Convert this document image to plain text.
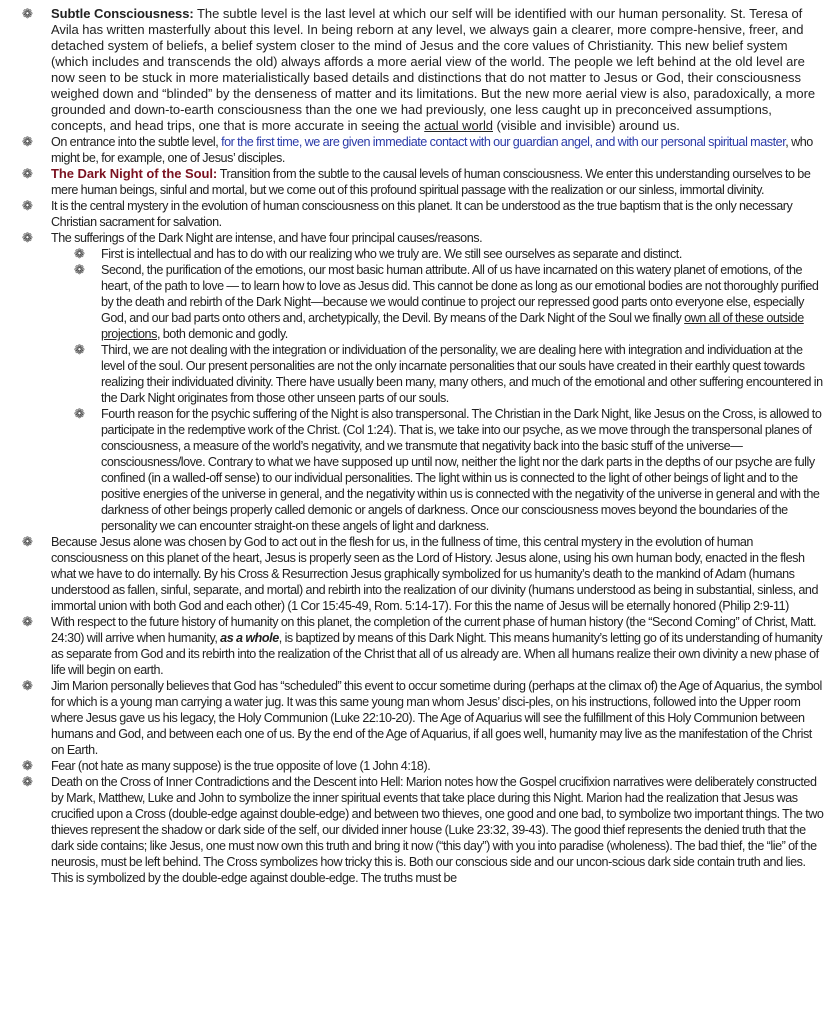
❁ Subtle Consciousness: The subtle level is the last level at which our self will be identified with our human personality. St. Teresa of Avila has written masterfully about this level. In being reborn at any level, we always gain a clearer, more compre-hensive, freer, and detached system of beliefs, a belief system closer to the mind of Jesus and the core values of Christianity. This new belief system (which includes and transcends the old) always affords a more aerial view of the world. The people we left behind at the old level are now seen to be stuck in more materialistically based details and distinctions that do not matter to Jesus or God, their consciousness weighed down and “blinded” by the denseness of matter and its limitations. But the new more aerial view is also, paradoxically, a more grounded and down-to-earth consciousness than the one we had previously, one less caught up in preconceived assumptions, concepts, and head trips, one that is more accurate in seeing the actual world (visible and invisible) around us.
❁ On entrance into the subtle level, for the first time, we are given immediate contact with our guardian angel, and with our personal spiritual master, who might be, for example, one of Jesus’ disciples.
❁ The Dark Night of the Soul: Transition from the subtle to the causal levels of human consciousness. We enter this understanding ourselves to be mere human beings, sinful and mortal, but we come out of this profound spiritual passage with the realization or our sinless, immortal divinity.
❁ It is the central mystery in the evolution of human consciousness on this planet. It can be understood as the true baptism that is the only necessary Christian sacrament for salvation.
❁ The sufferings of the Dark Night are intense, and have four principal causes/reasons.
❁ First is intellectual and has to do with our realizing who we truly are. We still see ourselves as separate and distinct.
❁ Second, the purification of the emotions, our most basic human attribute. All of us have incarnated on this watery planet of emotions, of the heart, of the path to love — to learn how to love as Jesus did. This cannot be done as long as our emotional bodies are not thoroughly purified by the death and rebirth of the Dark Night—because we would continue to project our repressed good parts onto everyone else, especially God, and our bad parts onto others and, archetypically, the Devil. By means of the Dark Night of the Soul we finally own all of these outside projections, both demonic and godly.
❁ Third, we are not dealing with the integration or individuation of the personality, we are dealing here with integration and individuation at the level of the soul. Our present personalities are not the only incarnate personalities that our souls have created in their earthly quest towards realizing their individuated divinity. There have usually been many, many others, and much of the emotional and other suffering encountered in the Dark Night originates from those other unseen parts of our souls.
❁ Fourth reason for the psychic suffering of the Night is also transpersonal. The Christian in the Dark Night, like Jesus on the Cross, is allowed to participate in the redemptive work of the Christ. (Col 1:24). That is, we take into our psyche, as we move through the transpersonal planes of consciousness, a measure of the world’s negativity, and we transmute that negativity back into the basic stuff of the universe—consciousness/love. Contrary to what we have supposed up until now, neither the light nor the dark parts in the depths of our psyche are fully confined (in a walled-off sense) to our individual personalities. The light within us is connected to the light of other beings of light and to the positive energies of the universe in general, and the negativity within us is connected with the negativity of the universe in general and with the darkness of other beings properly called demonic or angels of darkness. Once our consciousness moves beyond the boundaries of the personality we can encounter straight-on these angels of light and darkness.
❁ Because Jesus alone was chosen by God to act out in the flesh for us, in the fullness of time, this central mystery in the evolution of human consciousness on this planet of the heart, Jesus is properly seen as the Lord of History. Jesus alone, using his own human body, enacted in the flesh what we have to do internally. By his Cross & Resurrection Jesus graphically symbolized for us humanity’s death to the mankind of Adam (humans understood as fallen, sinful, separate, and mortal) and rebirth into the realization of our divinity (humans understood as being in substantial, sinless, and immortal union with both God and each other) (1 Cor 15:45-49, Rom. 5:14-17). For this the name of Jesus will be eternally honored (Philip 2:9-11)
❁ With respect to the future history of humanity on this planet, the completion of the current phase of human history (the “Second Coming” of Christ, Matt. 24:30) will arrive when humanity, as a whole, is baptized by means of this Dark Night. This means humanity’s letting go of its understanding of humanity as separate from God and its rebirth into the realization of the Christ that all of us already are. When all humans realize their own divinity a new phase of life will begin on earth.
❁ Jim Marion personally believes that God has “scheduled” this event to occur sometime during (perhaps at the climax of) the Age of Aquarius, the symbol for which is a young man carrying a water jug. It was this same young man whom Jesus’ disci-ples, on his instructions, followed into the Upper room where Jesus gave us his legacy, the Holy Communion (Luke 22:10-20). The Age of Aquarius will see the fulfillment of this Holy Communion between humans and God, and between each one of us. By the end of the Age of Aquarius, if all goes well, humanity may live as the manifestation of the Christ on Earth.
❁ Fear (not hate as many suppose) is the true opposite of love (1 John 4:18).
❁ Death on the Cross of Inner Contradictions and the Descent into Hell: Marion notes how the Gospel crucifixion narratives were deliberately constructed by Mark, Matthew, Luke and John to symbolize the inner spiritual events that take place during this Night. Marion had the realization that Jesus was crucified upon a Cross (double-edge against double-edge) and between two thieves, one good and one bad, to symbolize two important things. The two thieves represent the shadow or dark side of the self, our divided inner house (Luke 23:32, 39-43). The good thief represents the denied truth that the dark side contains; like Jesus, one must now own this truth and bring it now (“this day”) with you into paradise (wholeness). The bad thief, the “lie” of the neurosis, must be left behind. The Cross symbolizes how tricky this is. Both our conscious side and our uncon-scious dark side contain truth and lies. This is symbolized by the double-edge against double-edge. The truths must be
